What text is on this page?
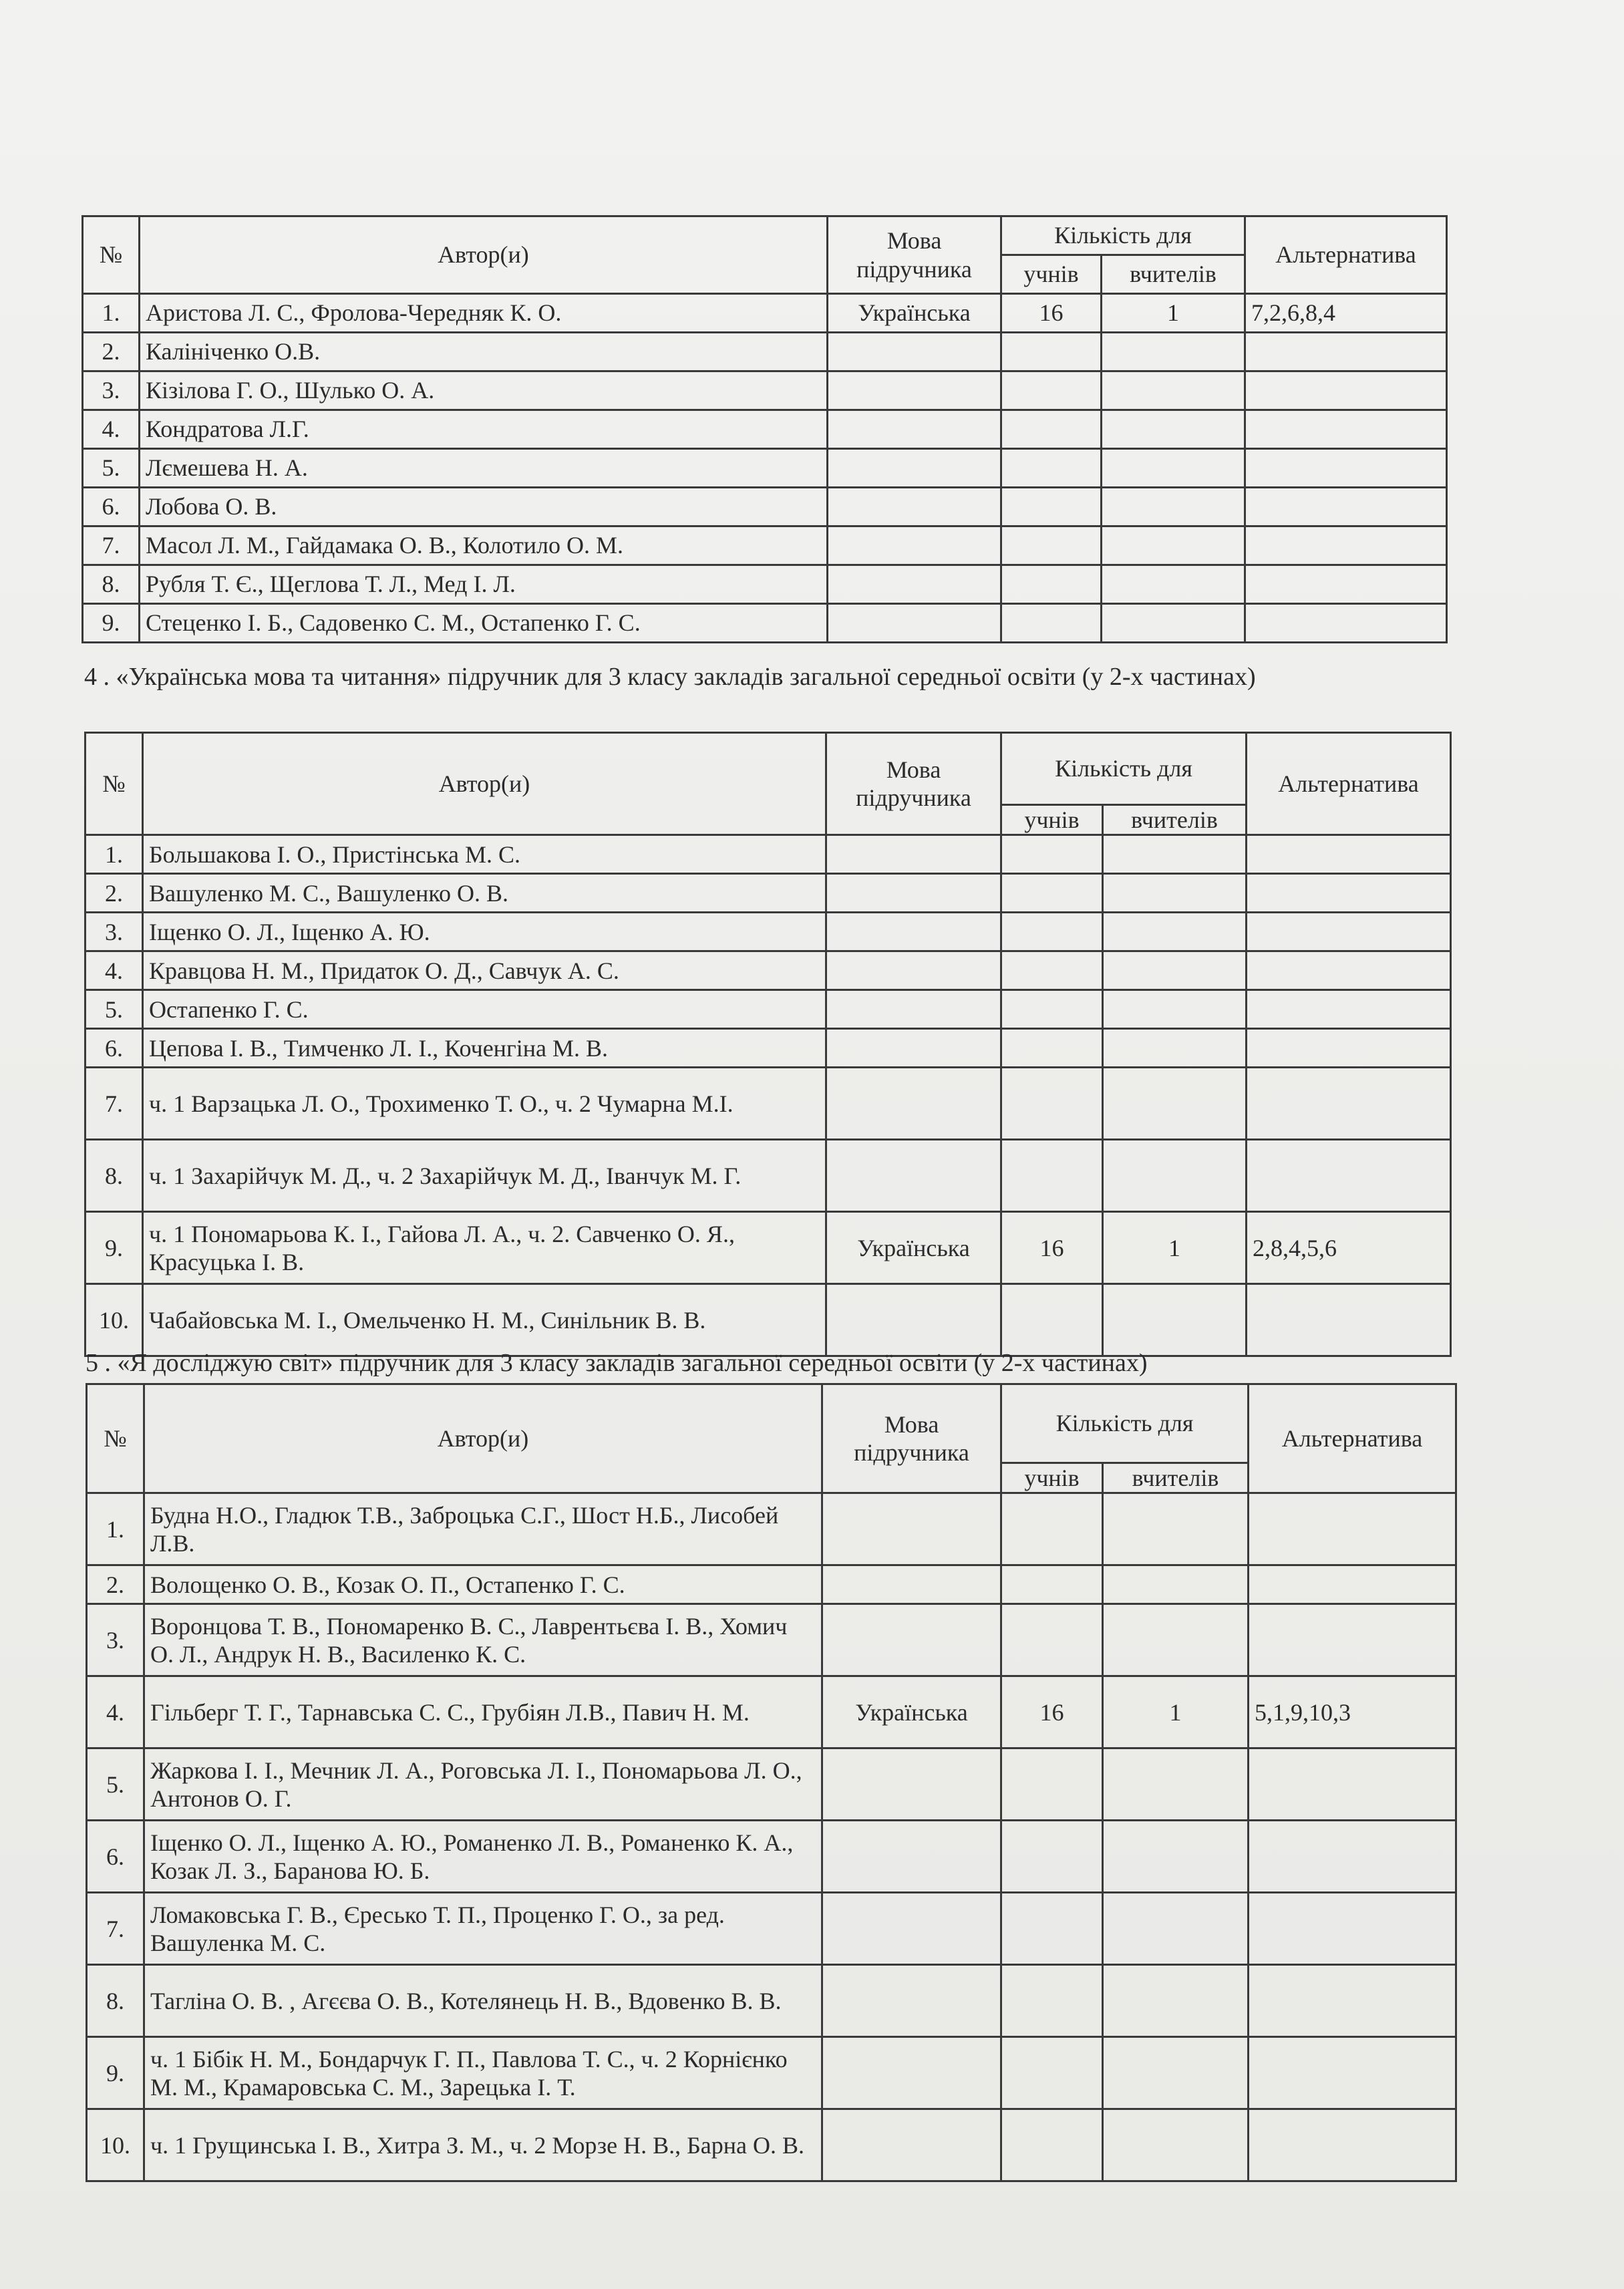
№	Автор(и)	Мова підручника	Кількість для		Альтернатива
			учнів	вчителів	
1.	Аристова Л. С., Фролова-Чередняк К. О.	Українська	16	1	7,2,6,8,4
2.	Калініченко О.В.				
3.	Кізілова Г. О., Шулько О. А.				
4.	Кондратова Л.Г.				
5.	Лємешева Н. А.				
6.	Лобова О. В.				
7.	Масол Л. М., Гайдамака О. В., Колотило О. М.				
8.	Рубля Т. Є., Щеглова Т. Л., Мед І. Л.				
9.	Стеценко І. Б., Садовенко С. М., Остапенко Г. С.				
4 . «Українська мова та читання» підручник для 3 класу закладів загальної середньої освіти (у 2-х частинах)
№	Автор(и)	Мова підручника	Кількість для		Альтернатива
			учнів	вчителів	
1.	Большакова І. О., Пристінська М. С.				
2.	Вашуленко М. С., Вашуленко О. В.				
3.	Іщенко О. Л., Іщенко А. Ю.				
4.	Кравцова Н. М., Придаток О. Д., Савчук А. С.				
5.	Остапенко Г. С.				
6.	Цепова І. В., Тимченко Л. І., Коченгіна М. В.				
7.	ч. 1 Варзацька Л. О., Трохименко Т. О., ч. 2 Чумарна М.І.				
8.	ч. 1 Захарійчук М. Д., ч. 2 Захарійчук М. Д., Іванчук М. Г.				
9.	ч. 1 Пономарьова К. І., Гайова Л. А., ч. 2. Савченко О. Я., Красуцька І. В.	Українська	16	1	2,8,4,5,6
10.	Чабайовська М. І., Омельченко Н. М., Синільник В. В.				
5 . «Я досліджую світ» підручник для 3 класу закладів загальної середньої освіти (у 2-х частинах)
№	Автор(и)	Мова підручника	Кількість для		Альтернатива
			учнів	вчителів	
1.	Будна Н.О., Гладюк Т.В., Заброцька С.Г., Шост Н.Б., Лисобей Л.В.				
2.	Волощенко О. В., Козак О. П., Остапенко Г. С.				
3.	Воронцова Т. В., Пономаренко В. С., Лаврентьєва І. В., Хомич О. Л., Андрук Н. В., Василенко К. С.				
4.	Гільберг Т. Г., Тарнавська С. С., Грубіян Л.В., Павич Н. М.	Українська	16	1	5,1,9,10,3
5.	Жаркова І. І., Мечник Л. А., Роговська Л. І., Пономарьова Л. О., Антонов О. Г.				
6.	Іщенко О. Л., Іщенко А. Ю., Романенко Л. В., Романенко К. А., Козак Л. З., Баранова Ю. Б.				
7.	Ломаковська Г. В., Єресько Т. П., Проценко Г. О., за ред. Вашуленка М. С.				
8.	Тагліна О. В. , Агєєва О. В., Котелянець Н. В., Вдовенко В. В.				
9.	ч. 1 Бібік Н. М., Бондарчук Г. П., Павлова Т. С., ч. 2 Корнієнко М. М., Крамаровська С. М., Зарецька І. Т.				
10.	ч. 1 Грущинська І. В., Хитра З. М., ч. 2 Морзе Н. В., Барна О. В.				
